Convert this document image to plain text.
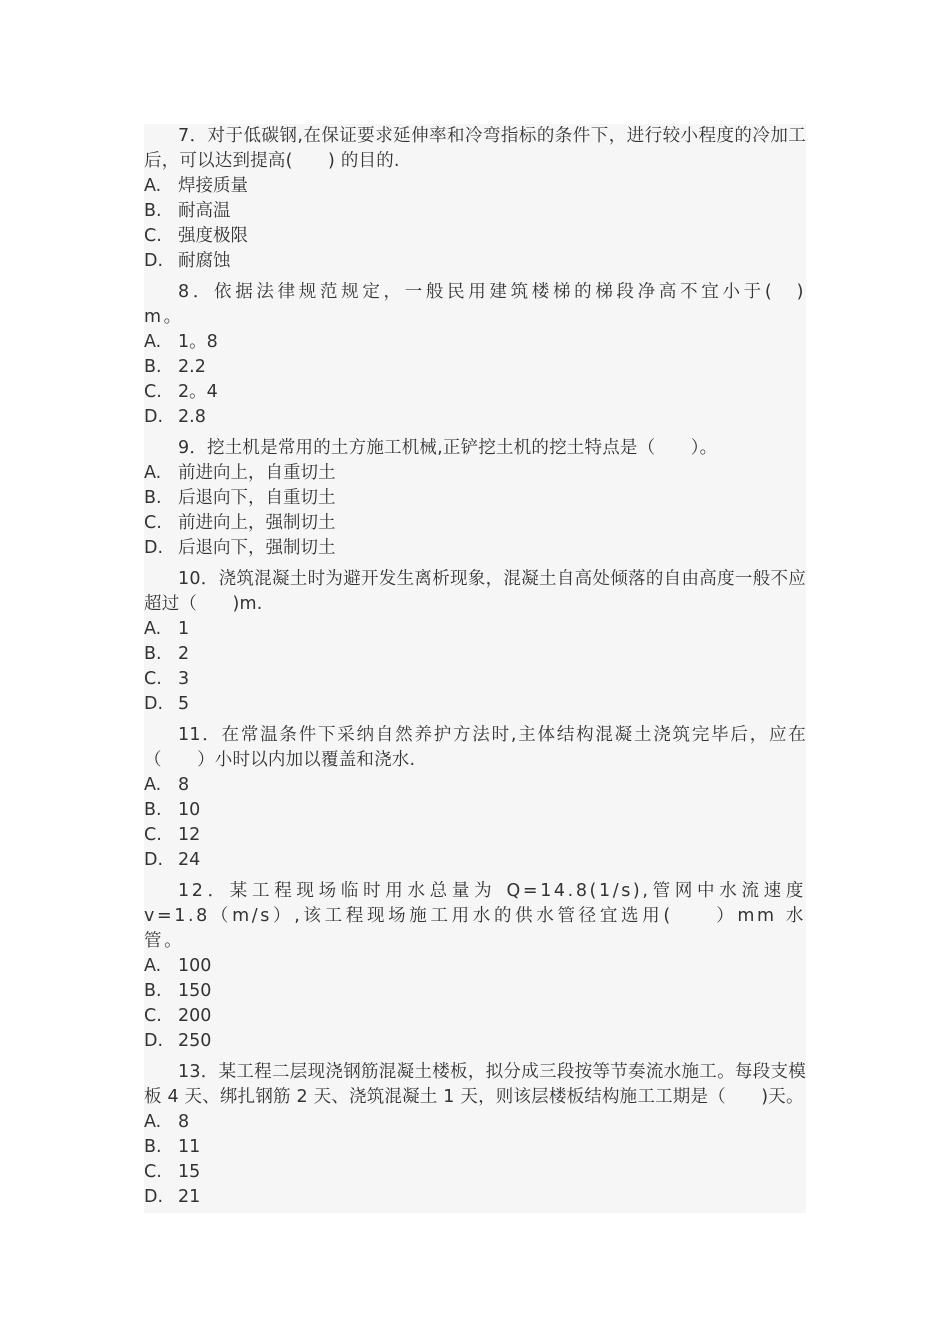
7．对于低碳钢,在保证要求延伸率和冷弯指标的条件下，进行较小程度的冷加工后，可以达到提高(　　) 的目的.

A. 焊接质量

B. 耐高温

C. 强度极限

D. 耐腐蚀

8．依据法律规范规定，一般民用建筑楼梯的梯段净高不宜小于(　) m。

A. 1。8

B. 2.2

C. 2。4

D. 2.8

9．挖土机是常用的土方施工机械,正铲挖土机的挖土特点是（　　）。

A. 前进向上，自重切土

B. 后退向下，自重切土

C. 前进向上，强制切土

D. 后退向下，强制切土

10．浇筑混凝土时为避开发生离析现象，混凝土自高处倾落的自由高度一般不应超过（　　)m.

A. 1

B. 2

C. 3

D. 5

11．在常温条件下采纳自然养护方法时,主体结构混凝土浇筑完毕后，应在（　　）小时以内加以覆盖和浇水.

A. 8

B. 10

C. 12

D. 24

12．某工程现场临时用水总量为 Q=14.8(1/s),管网中水流速度 v=1.8（m/s）,该工程现场施工用水的供水管径宜选用(　　）mm 水管。

A. 100

B. 150

C. 200

D. 250

13．某工程二层现浇钢筋混凝土楼板，拟分成三段按等节奏流水施工。每段支模板 4 天、绑扎钢筋 2 天、浇筑混凝土 1 天，则该层楼板结构施工工期是（　　)天。

A. 8

B. 11

C. 15

D. 21
